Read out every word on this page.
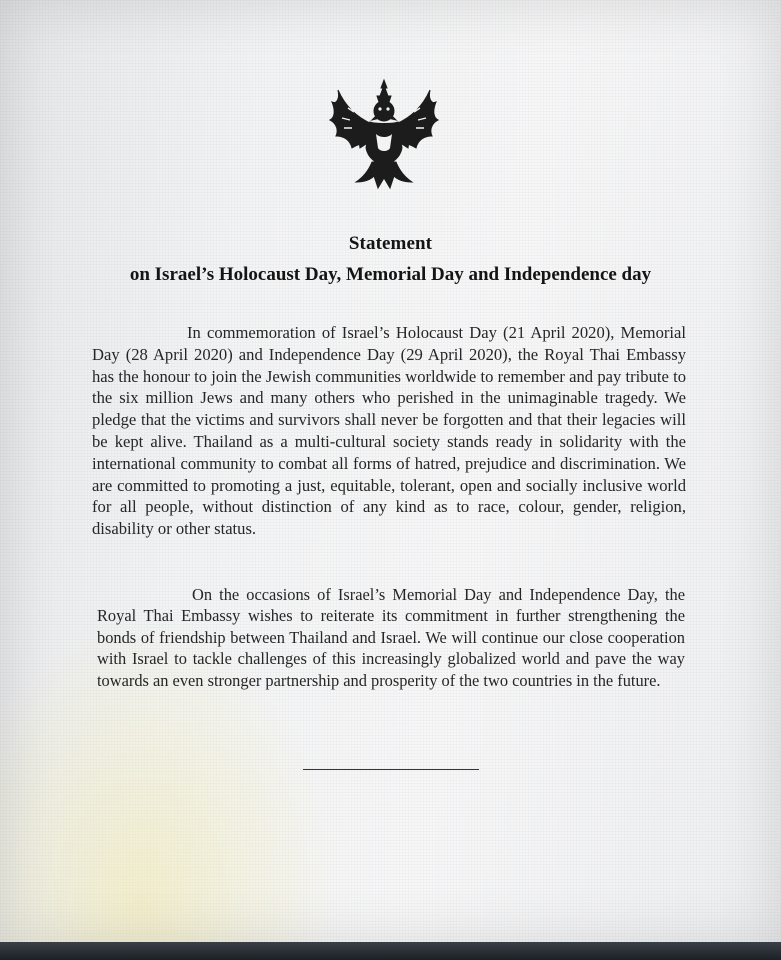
Statement
on Israel’s Holocaust Day, Memorial Day and Independence day

In commemoration of Israel’s Holocaust Day (21 April 2020), Memorial Day (28 April 2020) and Independence Day (29 April 2020), the Royal Thai Embassy has the honour to join the Jewish communities worldwide to remember and pay tribute to the six million Jews and many others who perished in the unimaginable tragedy. We pledge that the victims and survivors shall never be forgotten and that their legacies will be kept alive. Thailand as a multi-cultural society stands ready in solidarity with the international community to combat all forms of hatred, prejudice and discrimination. We are committed to promoting a just, equitable, tolerant, open and socially inclusive world for all people, without distinction of any kind as to race, colour, gender, religion, disability or other status.

On the occasions of Israel’s Memorial Day and Independence Day, the Royal Thai Embassy wishes to reiterate its commitment in further strengthening the bonds of friendship between Thailand and Israel. We will continue our close cooperation with Israel to tackle challenges of this increasingly globalized world and pave the way towards an even stronger partnership and prosperity of the two countries in the future.
